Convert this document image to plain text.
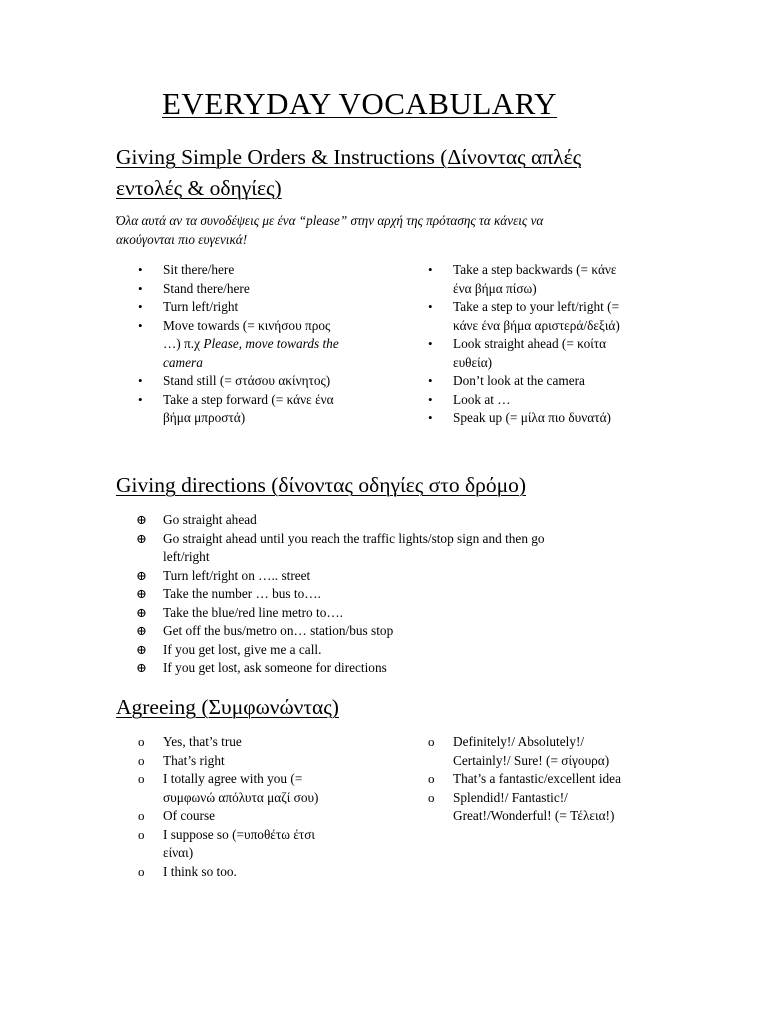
EVERYDAY VOCABULARY
Giving Simple Orders & Instructions (Δίνοντας απλές
εντολές & οδηγίες)
Όλα αυτά αν τα συνοδέψεις με ένα “please” στην αρχή της πρότασης τα κάνεις να
ακούγονται πιο ευγενικά!
•	Sit there/here
•	Stand there/here
•	Turn left/right
•	Move towards (= κινήσου προς
…) π.χ Please, move towards the
camera
•	Stand still (= στάσου ακίνητος)
•	Take a step forward (= κάνε ένα
βήμα μπροστά)
•	Take a step backwards (= κάνε
ένα βήμα πίσω)
•	Take a step to your left/right (=
κάνε ένα βήμα αριστερά/δεξιά)
•	Look straight ahead (= κοίτα
ευθεία)
•	Don’t look at the camera
•	Look at …
•	Speak up (= μίλα πιο δυνατά)
Giving directions (δίνοντας οδηγίες στο δρόμο)
⊕	Go straight ahead
⊕	Go straight ahead until you reach the traffic lights/stop sign and then go
left/right
⊕	Turn left/right on ….. street
⊕	Take the number … bus to….
⊕	Take the blue/red line metro to….
⊕	Get off the bus/metro on… station/bus stop
⊕	If you get lost, give me a call.
⊕	If you get lost, ask someone for directions
Agreeing (Συμφωνώντας)
o	Yes, that’s true
o	That’s right
o	I totally agree with you (=
συμφωνώ απόλυτα μαζί σου)
o	Of course
o	I suppose so (=υποθέτω έτσι
είναι)
o	I think so too.
o	Definitely!/ Absolutely!/
Certainly!/ Sure! (= σίγουρα)
o	That’s a fantastic/excellent idea
o	Splendid!/ Fantastic!/
Great!/Wonderful! (= Τέλεια!)
